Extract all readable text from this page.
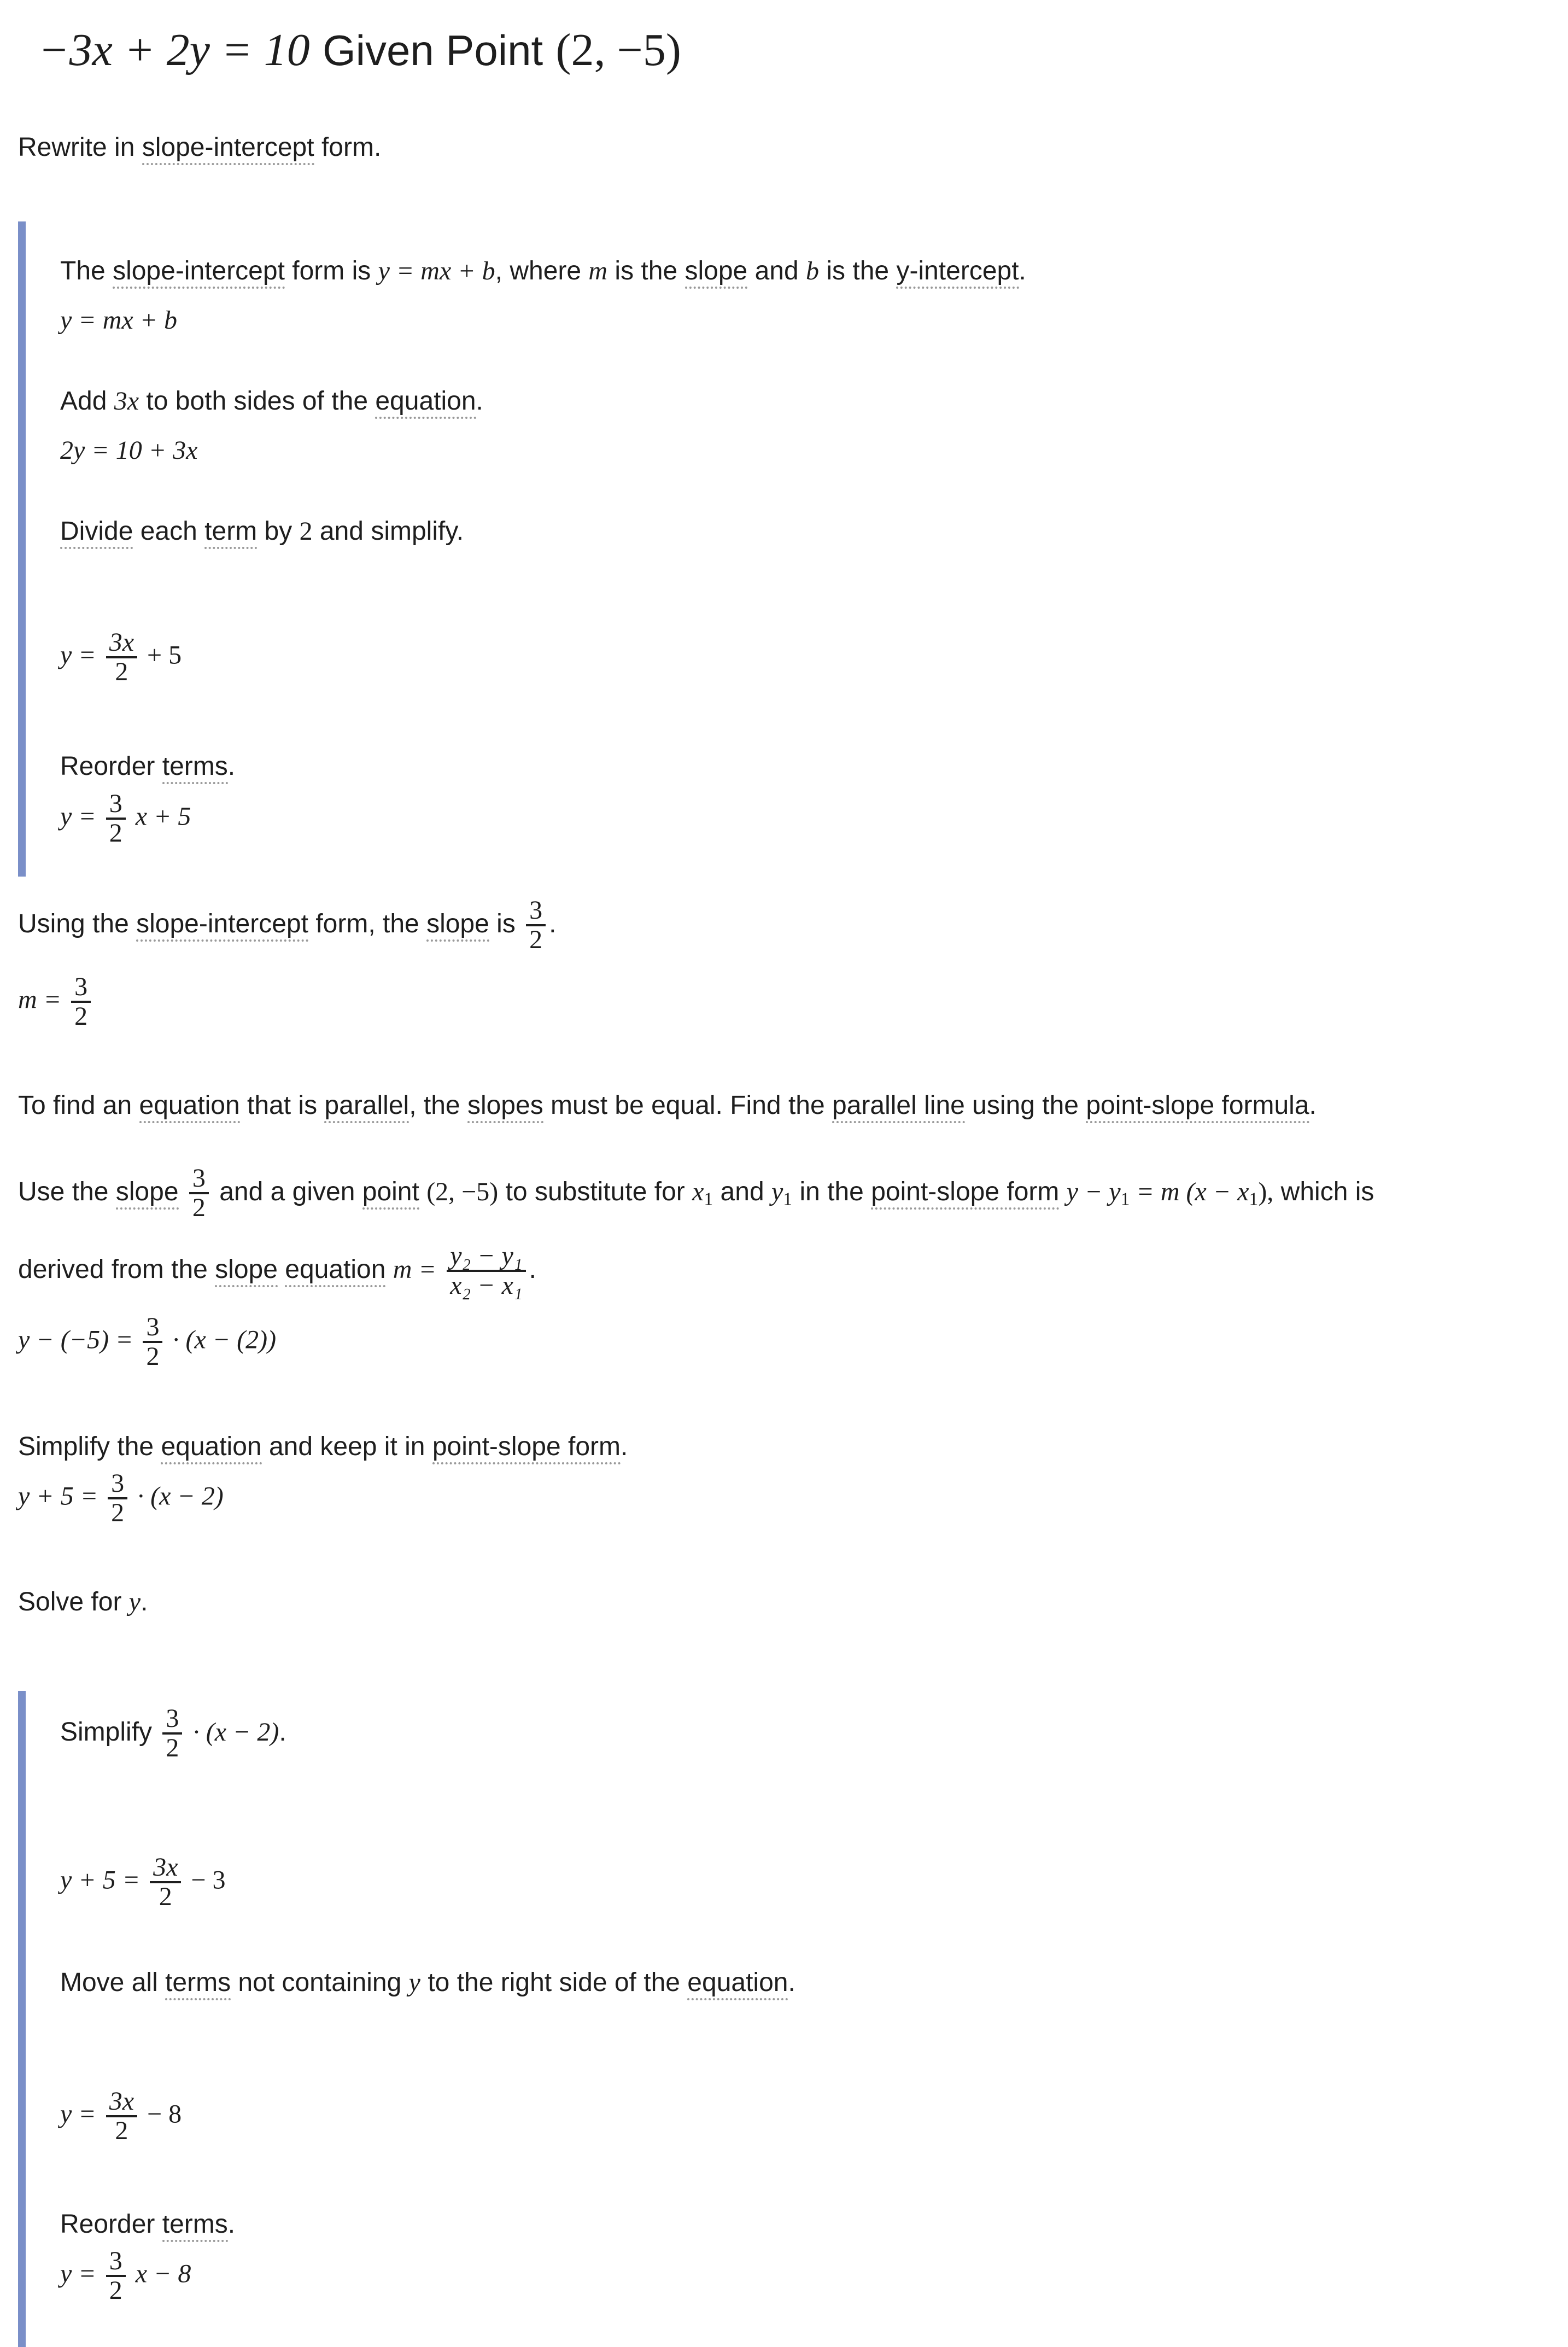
−3x + 2y = 10 Given Point (2, −5)
Rewrite in slope-intercept form.
The slope-intercept form is y = mx + b, where m is the slope and b is the y-intercept.
y = mx + b
Add 3x to both sides of the equation.
2y = 10 + 3x
Divide each term by 2 and simplify.
$y = \frac{3x}{2} + 5$
Reorder terms.
$y = \frac{3}{2}$ x + 5
Using the slope-intercept form, the slope is $\frac{3}{2}$ .
$m = \frac{3}{2}$
To find an equation that is parallel, the slopes must be equal. Find the parallel line using the point-slope formula.
Use the slope $\frac{3}{2}$ and a given point (2, −5) to substitute for $x_1$ and $y_1$ in the point-slope form $y - y_1 = m$ $(x - x_1)$, which is
derived from the slope equation $m = \frac{\text{y₂ − y₁}}{\text{x₂ − x₁}}$ .
$y - (-5) = \frac{3}{2} \cdot (x - (2))$
Simplify the equation and keep it in point-slope form.
$y + 5 = \frac{3}{2} \cdot (x - 2)$
Solve for y.
Simplify $\frac{3}{2} \cdot (x - 2)$.
$y + 5 = \frac{3x}{2} - 3$
Move all terms not containing y to the right side of the equation.
$y = \frac{3x}{2} - 8$
Reorder terms.
$y = \frac{3}{2}$ x − 8
